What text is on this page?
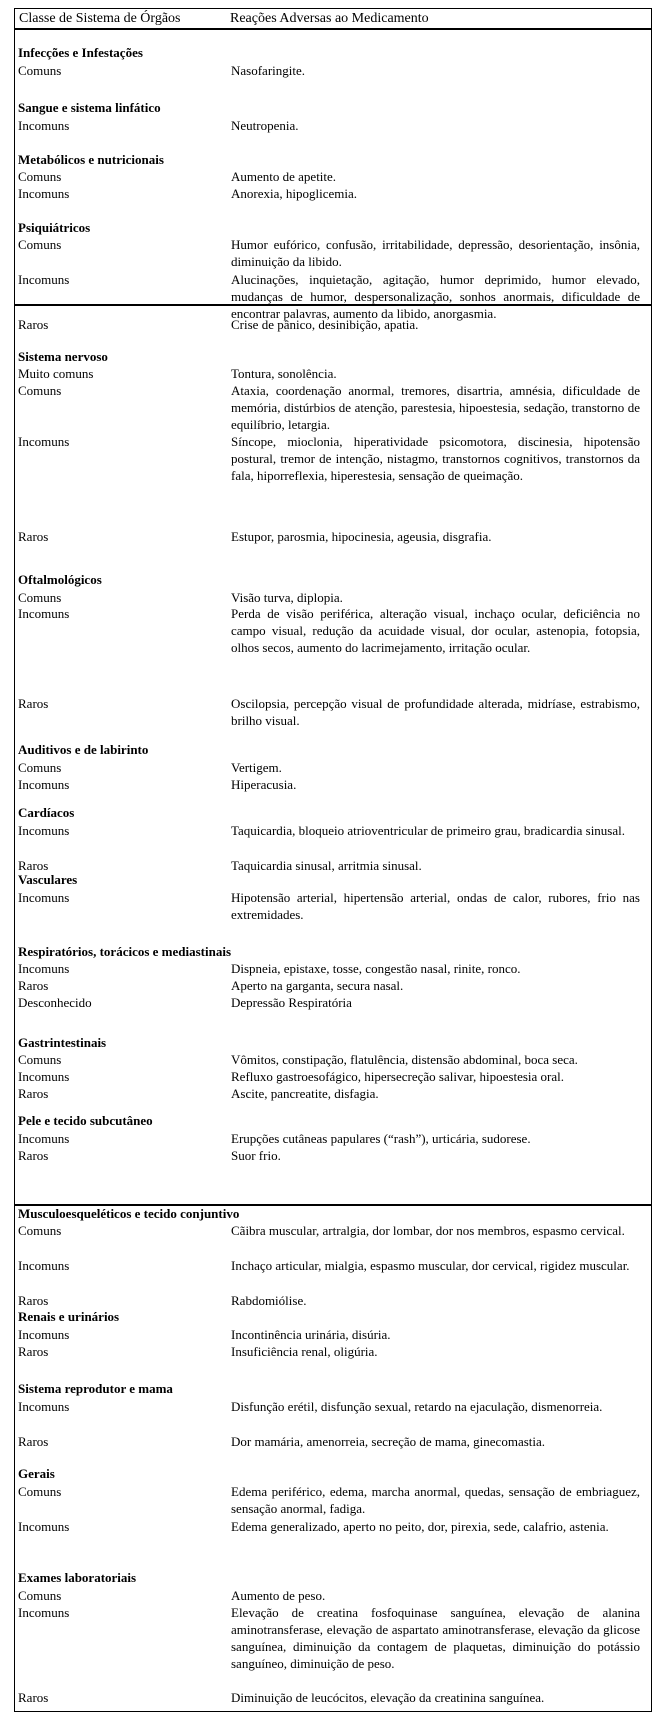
Classe de Sistema de Órgãos	Reações Adversas ao Medicamento
Infecções e Infestações
Comuns	Nasofaringite.
Sangue e sistema linfático
Incomuns	Neutropenia.
Metabólicos e nutricionais
Comuns	Aumento de apetite.
Incomuns	Anorexia, hipoglicemia.
Psiquiátricos
Comuns	Humor eufórico, confusão, irritabilidade, depressão, desorientação, insônia, diminuição da libido.
Incomuns	Alucinações, inquietação, agitação, humor deprimido, humor elevado, mudanças de humor, despersonalização, sonhos anormais, dificuldade de encontrar palavras, aumento da libido, anorgasmia.
Raros	Crise de pânico, desinibição, apatia.
Sistema nervoso
Muito comuns	Tontura, sonolência.
Comuns	Ataxia, coordenação anormal, tremores, disartria, amnésia, dificuldade de memória, distúrbios de atenção, parestesia, hipoestesia, sedação, transtorno de equilíbrio, letargia.
Incomuns	Síncope, mioclonia, hiperatividade psicomotora, discinesia, hipotensão postural, tremor de intenção, nistagmo, transtornos cognitivos, transtornos da fala, hiporreflexia, hiperestesia, sensação de queimação.
Raros	Estupor, parosmia, hipocinesia, ageusia, disgrafia.
Oftalmológicos
Comuns	Visão turva, diplopia.
Incomuns	Perda de visão periférica, alteração visual, inchaço ocular, deficiência no campo visual, redução da acuidade visual, dor ocular, astenopia, fotopsia, olhos secos, aumento do lacrimejamento, irritação ocular.
Raros	Oscilopsia, percepção visual de profundidade alterada, midríase, estrabismo, brilho visual.
Auditivos e de labirinto
Comuns	Vertigem.
Incomuns	Hiperacusia.
Cardíacos
Incomuns	Taquicardia, bloqueio atrioventricular de primeiro grau, bradicardia sinusal.
Raros	Taquicardia sinusal, arritmia sinusal.
Vasculares
Incomuns	Hipotensão arterial, hipertensão arterial, ondas de calor, rubores, frio nas extremidades.
Respiratórios, torácicos e mediastinais
Incomuns	Dispneia, epistaxe, tosse, congestão nasal, rinite, ronco.
Raros	Aperto na garganta, secura nasal.
Desconhecido	Depressão Respiratória
Gastrintestinais
Comuns	Vômitos, constipação, flatulência, distensão abdominal, boca seca.
Incomuns	Refluxo gastroesofágico, hipersecreção salivar, hipoestesia oral.
Raros	Ascite, pancreatite, disfagia.
Pele e tecido subcutâneo
Incomuns	Erupções cutâneas papulares (“rash”), urticária, sudorese.
Raros	Suor frio.
Musculoesqueléticos e tecido conjuntivo
Comuns	Cãibra muscular, artralgia, dor lombar, dor nos membros, espasmo cervical.
Incomuns	Inchaço articular, mialgia, espasmo muscular, dor cervical, rigidez muscular.
Raros	Rabdomiólise.
Renais e urinários
Incomuns	Incontinência urinária, disúria.
Raros	Insuficiência renal, oligúria.
Sistema reprodutor e mama
Incomuns	Disfunção erétil, disfunção sexual, retardo na ejaculação, dismenorreia.
Raros	Dor mamária, amenorreia, secreção de mama, ginecomastia.
Gerais
Comuns	Edema periférico, edema, marcha anormal, quedas, sensação de embriaguez, sensação anormal, fadiga.
Incomuns	Edema generalizado, aperto no peito, dor, pirexia, sede, calafrio, astenia.
Exames laboratoriais
Comuns	Aumento de peso.
Incomuns	Elevação de creatina fosfoquinase sanguínea, elevação de alanina aminotransferase, elevação de aspartato aminotransferase, elevação da glicose sanguínea, diminuição da contagem de plaquetas, diminuição do potássio sanguíneo, diminuição de peso.
Raros	Diminuição de leucócitos, elevação da creatinina sanguínea.
